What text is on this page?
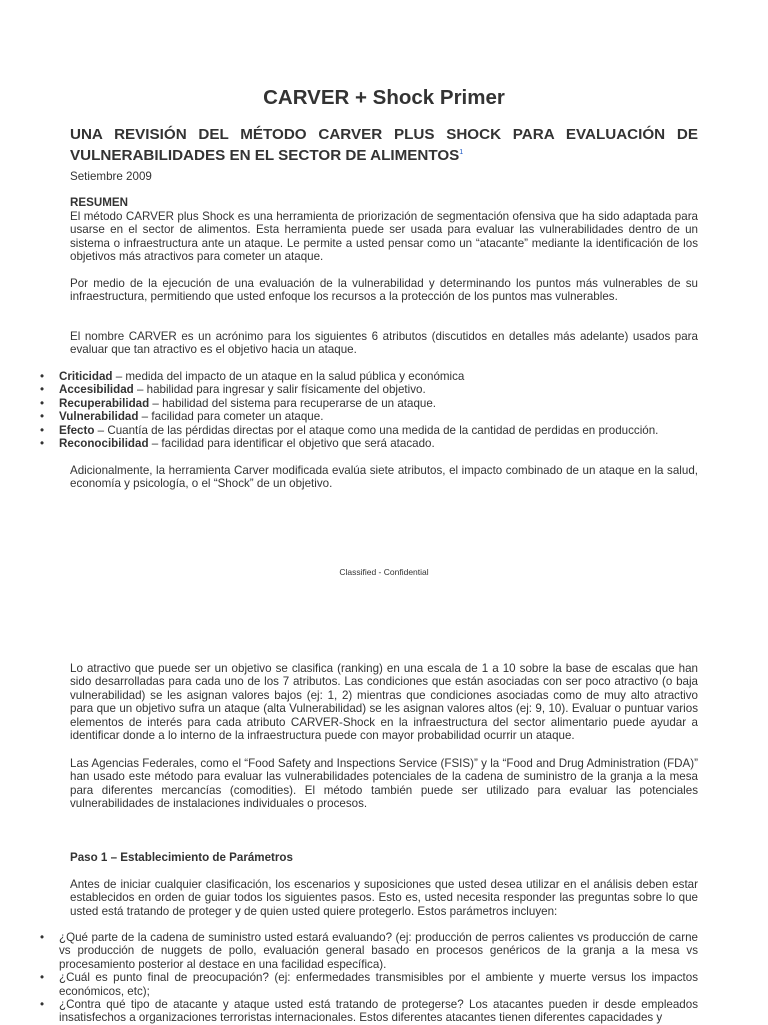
CARVER + Shock Primer
UNA REVISIÓN DEL MÉTODO CARVER PLUS SHOCK PARA EVALUACIÓN DE VULNERABILIDADES EN EL SECTOR DE ALIMENTOS$^1$
Setiembre 2009
RESUMEN

El método CARVER plus Shock es una herramienta de priorización de segmentación ofensiva que ha sido adaptada para usarse en el sector de alimentos. Esta herramienta puede ser usada para evaluar las vulnerabilidades dentro de un sistema o infraestructura ante un ataque. Le permite a usted pensar como un “atacante” mediante la identificación de los objetivos más atractivos para cometer un ataque.

Por medio de la ejecución de una evaluación de la vulnerabilidad y determinando los puntos más vulnerables de su infraestructura, permitiendo que usted enfoque los recursos a la protección de los puntos mas vulnerables.

El nombre CARVER es un acrónimo para los siguientes 6 atributos (discutidos en detalles más adelante) usados para evaluar que tan atractivo es el objetivo hacia un ataque.

• Criticidad – medida del impacto de un ataque en la salud pública y económica
• Accesibilidad – habilidad para ingresar y salir físicamente del objetivo.
• Recuperabilidad – habilidad del sistema para recuperarse de un ataque.
• Vulnerabilidad – facilidad para cometer un ataque.
• Efecto – Cuantía de las pérdidas directas por el ataque como una medida de la cantidad de perdidas en producción.
• Reconocibilidad – facilidad para identificar el objetivo que será atacado.

Adicionalmente, la herramienta Carver modificada evalúa siete atributos, el impacto combinado de un ataque en la salud, economía y psicología, o el “Shock” de un objetivo.

Classified - Confidential

Lo atractivo que puede ser un objetivo se clasifica (ranking) en una escala de 1 a 10 sobre la base de escalas que han sido desarrolladas para cada uno de los 7 atributos. Las condiciones que están asociadas con ser poco atractivo (o baja vulnerabilidad) se les asignan valores bajos (ej: 1, 2) mientras que condiciones asociadas como de muy alto atractivo para que un objetivo sufra un ataque (alta Vulnerabilidad) se les asignan valores altos (ej: 9, 10). Evaluar o puntuar varios elementos de interés para cada atributo CARVER-Shock en la infraestructura del sector alimentario puede ayudar a identificar donde a lo interno de la infraestructura puede con mayor probabilidad ocurrir un ataque.

Las Agencias Federales, como el “Food Safety and Inspections Service (FSIS)” y la “Food and Drug Administration (FDA)” han usado este método para evaluar las vulnerabilidades potenciales de la cadena de suministro de la granja a la mesa para diferentes mercancías (comodities). El método también puede ser utilizado para evaluar las potenciales vulnerabilidades de instalaciones individuales o procesos.

Paso 1 – Establecimiento de Parámetros

Antes de iniciar cualquier clasificación, los escenarios y suposiciones que usted desea utilizar en el análisis deben estar establecidos en orden de guiar todos los siguientes pasos. Esto es, usted necesita responder las preguntas sobre lo que usted está tratando de proteger y de quien usted quiere protegerlo. Estos parámetros incluyen:

• ¿Qué parte de la cadena de suministro usted estará evaluando? (ej: producción de perros calientes vs producción de carne vs producción de nuggets de pollo, evaluación general basado en procesos genéricos de la granja a la mesa vs procesamiento posterior al destace en una facilidad específica).
• ¿Cuál es punto final de preocupación? (ej: enfermedades transmisibles por el ambiente y muerte versus los impactos económicos, etc);
• ¿Contra qué tipo de atacante y ataque usted está tratando de protegerse? Los atacantes pueden ir desde empleados insatisfechos a organizaciones terroristas internacionales. Estos diferentes atacantes tienen diferentes capacidades y
